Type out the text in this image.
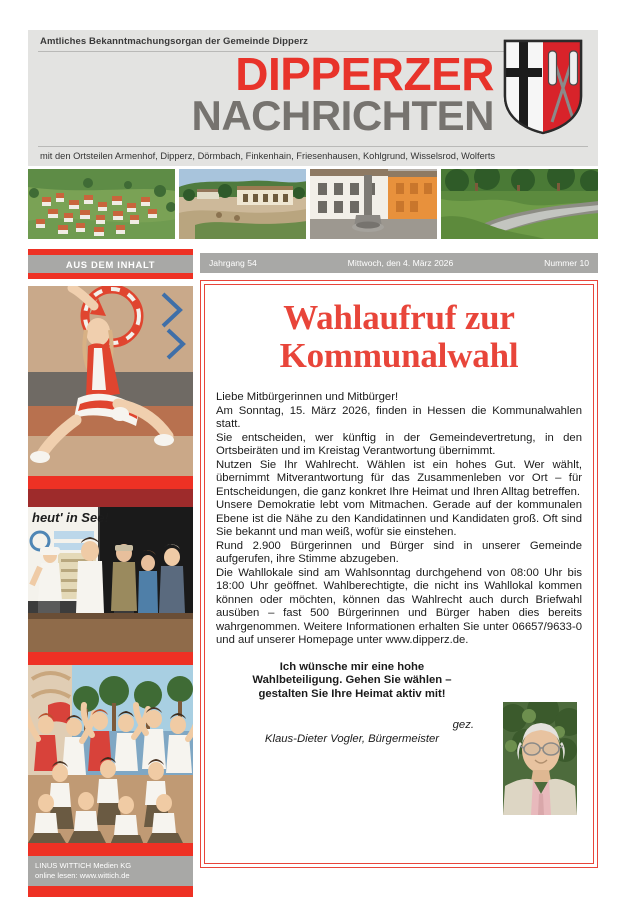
Amtliches Bekanntmachungsorgan der Gemeinde Dipperz
DIPPERZER
NACHRICHTEN
mit den Ortsteilen Armenhof, Dipperz, Dörmbach, Finkenhain, Friesenhausen, Kohlgrund, Wisselsrod, Wolferts
Jahrgang 54	Mittwoch, den 4. März 2026	Nummer 10
AUS DEM INHALT
heut' in See!
LINUS WITTICH Medien KG
online lesen: www.wittich.de
Wahlaufruf zur
Kommunalwahl

Liebe Mitbürgerinnen und Mitbürger!

Am Sonntag, 15. März 2026, finden in Hessen die Kommunalwahlen statt.

Sie entscheiden, wer künftig in der Gemeindevertretung, in den Ortsbeiräten und im Kreistag Verantwortung übernimmt.

Nutzen Sie Ihr Wahlrecht. Wählen ist ein hohes Gut. Wer wählt, übernimmt Mitverantwortung für das Zusammenleben vor Ort – für Entscheidungen, die ganz konkret Ihre Heimat und Ihren Alltag betreffen.

Unsere Demokratie lebt vom Mitmachen. Gerade auf der kommunalen Ebene ist die Nähe zu den Kandidatinnen und Kandidaten groß. Oft sind Sie bekannt und man weiß, wofür sie einstehen.

Rund 2.900 Bürgerinnen und Bürger sind in unserer Gemeinde aufgerufen, ihre Stimme abzugeben.

Die Wahllokale sind am Wahlsonntag durchgehend von 08:00 Uhr bis 18:00 Uhr geöffnet. Wahlberechtigte, die nicht ins Wahllokal kommen können oder möchten, können das Wahlrecht auch durch Briefwahl ausüben – fast 500 Bürgerinnen und Bürger haben dies bereits wahrgenommen. Weitere Informationen erhalten Sie unter 06657/9633-0 und auf unserer Homepage unter www.dipperz.de.

Ich wünsche mir eine hohe
Wahlbeteiligung. Gehen Sie wählen –
gestalten Sie Ihre Heimat aktiv mit!
gez.
Klaus-Dieter Vogler, Bürgermeister
